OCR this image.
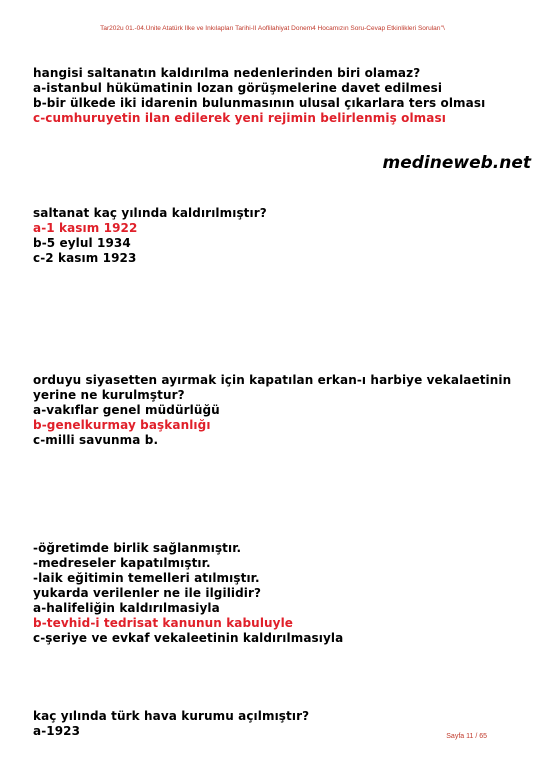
Tar202u 01.-04.Ünite Atatürk İlke ve İnkılapları Tarihi-II Aoflilahiyat Donem4 Hocamızın Soru-Cevap Etkinlikleri Soruları"\
hangisi saltanatın kaldırılma nedenlerinden biri olamaz?
a-istanbul hükümatinin lozan görüşmelerine davet edilmesi
b-bir ülkede iki idarenin bulunmasının ulusal çıkarlara ters olması
c-cumhuruyetin ilan edilerek yeni rejimin belirlenmiş olması
medineweb.net
saltanat kaç yılında kaldırılmıştır?
a-1 kasım 1922
b-5 eylul 1934
c-2 kasım 1923
orduyu siyasetten ayırmak için kapatılan erkan-ı harbiye vekalaetinin
yerine ne kurulmştur?
a-vakıflar genel müdürlüğü
b-genelkurmay başkanlığı
c-milli savunma b.
-öğretimde birlik sağlanmıştır.
-medreseler kapatılmıştır.
-laik eğitimin temelleri atılmıştır.
yukarda verilenler ne ile ilgilidir?
a-halifeliğin kaldırılmasiyla
b-tevhid-i tedrisat kanunun kabuluyle
c-şeriye ve evkaf vekaleetinin kaldırılmasıyla
kaç yılında türk hava kurumu açılmıştır?
a-1923	Sayfa 11 / 65
